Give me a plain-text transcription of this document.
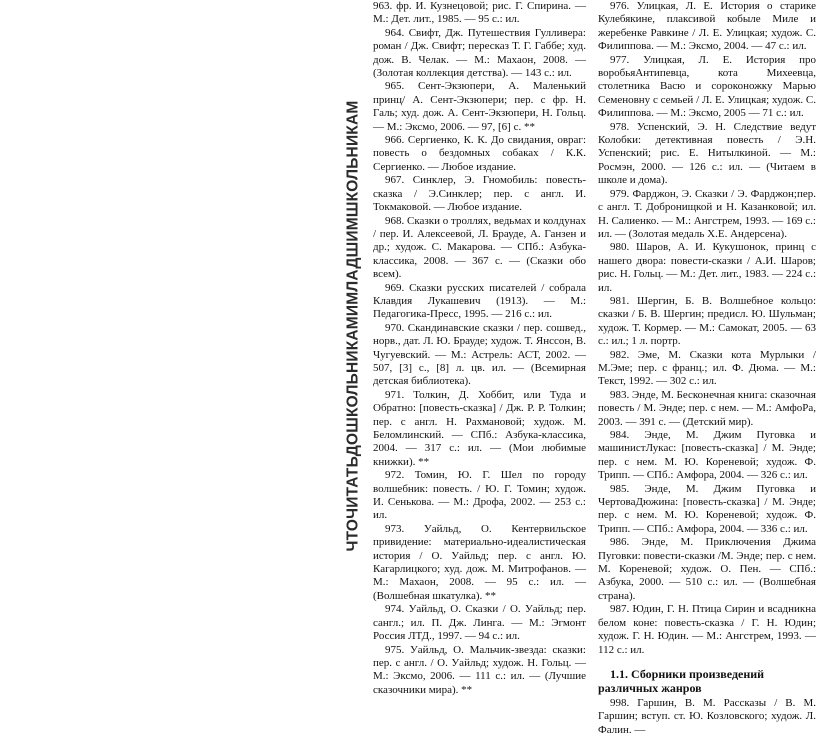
ЧТОЧИТАТЬДОШКОЛЬНИКАМИМЛАДШИМШКОЛЬНИКАМ

963. фр. И. Кузнецовой; рис. Г. Спирина. — М.: Дет. лит., 1985. — 95 с.: ил.

964. Свифт, Дж. Путешествия Гулливера: роман / Дж. Свифт; пересказ Т. Г. Габбе; худ. дож. В. Челак. — М.: Махаон, 2008. — (Золотая коллекция детства). — 143 с.: ил.

965. Сент-Экзюпери, А. Маленький принц/ А. Сент-Экзюпери; пер. с фр. Н. Галь; худ. дож. А. Сент-Экзюпери, Н. Гольц. — М.: Эксмо, 2006. — 97, [6] с. **

966. Сергиенко, К. К. До свидания, овраг: повесть о бездомных собаках / К.К. Сергиенко. — Любое издание.

967. Синклер, Э. Гномобиль: повесть-сказка / Э.Синклер; пер. с англ. И. Токмаковой. — Любое издание.

968. Сказки о троллях, ведьмах и колдунах / пер. И. Алексеевой, Л. Брауде, А. Ганзен и др.; худож. С. Макарова. — СПб.: Азбука-классика, 2008. — 367 с. — (Сказки обо всем).

969. Сказки русских писателей / собрала Клавдия Лукашевич (1913). — М.: Педагогика-Пресс, 1995. — 216 с.: ил.

970. Скандинавские сказки / пер. сошвед., норв., дат. Л. Ю. Брауде; худож. Т. Янссон, В. Чугуевский. — М.: Астрель: АСТ, 2002. — 507, [3] с., [8] л. цв. ил. — (Всемирная детская библиотека).

971. Толкин, Д. Хоббит, или Туда и Обратно: [повесть-сказка] / Дж. Р. Р. Толкин; пер. с англ. Н. Рахмановой; худож. М. Беломлинский. — СПб.: Азбука-классика, 2004. — 317 с.: ил. — (Мои любимые книжки). **

972. Томин, Ю. Г. Шел по городу волшебник: повесть. / Ю. Г. Томин; худож. И. Сенькова. — М.: Дрофа, 2002. — 253 с.: ил.

973. Уайльд, О. Кентервильское привидение: материально-идеалистическая история / О. Уайльд; пер. с англ. Ю. Кагарлицкого; худ. дож. М. Митрофанов. — М.: Махаон, 2008. — 95 с.: ил. — (Волшебная шкатулка). **

974. Уайльд, О. Сказки / О. Уайльд; пер. сангл.; ил. П. Дж. Линга. — М.: Эгмонт Россия ЛТД., 1997. — 94 с.: ил.

975. Уайльд, О. Мальчик-звезда: сказки: пер. с англ. / О. Уайльд; худож. Н. Гольц. — М.: Эксмо, 2006. — 111 с.: ил. — (Лучшие сказочники мира). **

976. Улицкая, Л. Е. История о старике Кулебякине, плаксивой кобыле Миле и жеребенке Равкине / Л. Е. Улицкая; худож. С. Филиппова. — М.: Эксмо, 2004. — 47 с.: ил.

977. Улицкая, Л. Е. История про воробьяАнтипевца, кота Михеевца, столетника Васю и сороконожку Марью Семеновну с семьей / Л. Е. Улицкая; худож. С. Филиппова. — М.: Эксмо, 2005 — 71 с.: ил.

978. Успенский, Э. Н. Следствие ведут Колобки: детективная повесть / Э.Н. Успенский; рис. Е. Нитылкиной. — М.: Росмэн, 2000. — 126 с.: ил. — (Читаем в школе и дома).

979. Фарджон, Э. Сказки / Э. Фарджон;пер. с англ. Т. Добронищкой и Н. Казанковой; ил. Н. Салиенко. — М.: Ангстрем, 1993. — 169 с.: ил. — (Золотая медаль Х.Е. Андерсена).

980. Шаров, А. И. Кукушонок, принц с нашего двора: повести-сказки / А.И. Шаров; рис. Н. Гольц. — М.: Дет. лит., 1983. — 224 с.: ил.

981. Шергин, Б. В. Волшебное кольцо: сказки / Б. В. Шергин; предисл. Ю. Шульман; худож. Т. Кормер. — М.: Самокат, 2005. — 63 с.: ил.; 1 л. портр.

982. Эме, М. Сказки кота Мурлыки / М.Эме; пер. с франц.; ил. Ф. Дюма. — М.: Текст, 1992. — 302 с.: ил.

983. Энде, М. Бесконечная книга: сказочная повесть / М. Энде; пер. с нем. — М.: АмфоРа, 2003. — 391 с. — (Детский мир).

984. Энде, М. Джим Пуговка и машинистЛукас: [повесть-сказка] / М. Энде; пер. с нем. М. Ю. Кореневой; худож. Ф. Трипп. — СПб.: Амфора, 2004. — 326 с.: ил.

985. Энде, М. Джим Пуговка и ЧертоваДюжина: [повесть-сказка] / М. Энде; пер. с нем. М. Ю. Кореневой; худож. Ф. Трипп. — СПб.: Амфора, 2004. — 336 с.: ил.

986. Энде, М. Приключения Джима Пуговки: повести-сказки /М. Энде; пер. с нем. М. Кореневой; худож. О. Пен. — СПб.: Азбука, 2000. — 510 с.: ил. — (Волшебная страна).

987. Юдин, Г. Н. Птица Сирин и всадникна белом коне: повесть-сказка / Г. Н. Юдин; худож. Г. Н. Юдин. — М.: Ангстрем, 1993. — 112 с.: ил.

1.1. Сборники произведений различных жанров

998. Гаршин, В. М. Рассказы / В. М. Гаршин; вступ. ст. Ю. Козловского; худож. Л. Фалин. —
